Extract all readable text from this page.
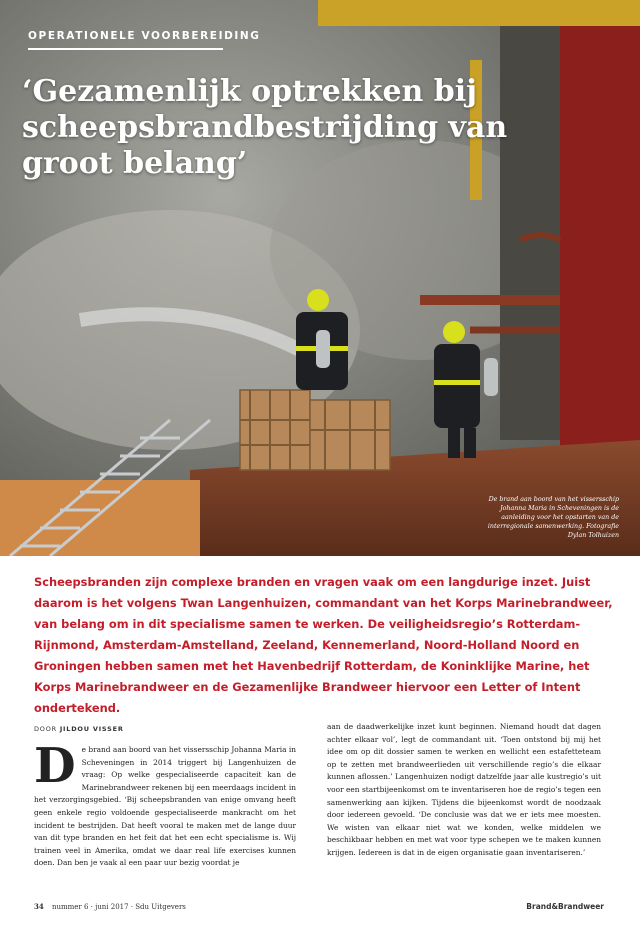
OPERATIONELE VOORBEREIDING
‘Gezamenlijk optrekken bij
scheepsbrandbestrijding van
groot belang’
De brand aan boord van het vissersschip Johanna Maria in Scheveningen is de aanleiding voor het opstarten van de interregionale samenwerking. Fotografie Dylan Tolhuizen

Scheepsbranden zijn complexe branden en vragen vaak om een langdurige inzet. Juist daarom is het volgens Twan Langenhuizen, commandant van het Korps Marinebrandweer, van belang om in dit specialisme samen te werken. De veiligheidsregio’s Rotterdam-Rijnmond, Amsterdam-Amstelland, Zeeland, Kennemerland, Noord-Holland Noord en Groningen hebben samen met het Havenbedrijf Rotterdam, de Koninklijke Marine, het Korps Marinebrandweer en de Gezamenlijke Brandweer hiervoor een Letter of Intent ondertekend.

DOOR JILDOU VISSER

De brand aan boord van het vissersschip Johanna Maria in Scheveningen in 2014 triggert bij Langenhuizen de vraag: Op welke gespecialiseerde capaciteit kan de Marinebrandweer rekenen bij een meerdaags incident in het verzorgingsgebied. ‘Bij scheepsbranden van enige omvang heeft geen enkele regio voldoende gespecialiseerde mankracht om het incident te bestrijden. Dat heeft vooral te maken met de lange duur van dit type branden en het feit dat het een echt specialisme is. Wij trainen veel in Amerika, omdat we daar real life exercises kunnen doen. Dan ben je vaak al een paar uur bezig voordat je

aan de daadwerkelijke inzet kunt beginnen. Niemand houdt dat dagen achter elkaar vol’, legt de commandant uit. ‘Toen ontstond bij mij het idee om op dit dossier samen te werken en wellicht een estafetteteam op te zetten met brandweerlieden uit verschillende regio’s die elkaar kunnen aflossen.’ Langenhuizen nodigt datzelfde jaar alle kustregio’s uit voor een startbijeenkomst om te inventariseren hoe de regio’s tegen een samenwerking aan kijken. Tijdens die bijeenkomst wordt de noodzaak door iedereen gevoeld. ‘De conclusie was dat we er iets mee moesten. We wisten van elkaar niet wat we konden, welke middelen we beschikbaar hebben en met wat voor type schepen we te maken kunnen krijgen. Iedereen is dat in de eigen organisatie gaan inventariseren.’

34 nummer 6 · juni 2017 · Sdu Uitgevers	Brand&Brandweer
